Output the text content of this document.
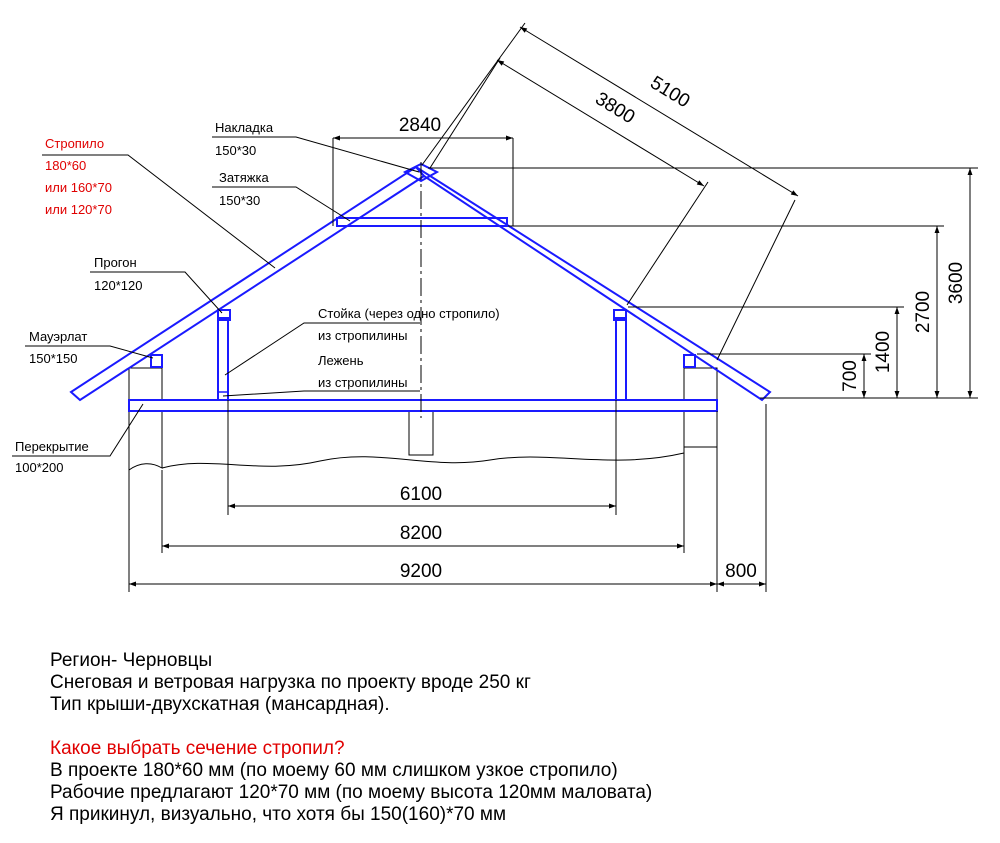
2840
5100
3800
3600
2700
1400
700
6100
8200
9200	800
Стропило
180*60
или 160*70
или 120*70
Накладка
150*30
Затяжка
150*30
Прогон
120*120
Мауэрлат
150*150
Перекрытие
100*200
Стойка (через одно стропило)
из стропилины
Лежень
из стропилины
Регион- Черновцы
Снеговая и ветровая нагрузка по проекту вроде 250 кг
Тип крыши-двухскатная (мансардная).
Какое выбрать сечение стропил?
В проекте 180*60 мм (по моему 60 мм слишком узкое стропило)
Рабочие предлагают 120*70 мм (по моему высота 120мм маловата)
Я прикинул, визуально, что хотя бы 150(160)*70 мм
